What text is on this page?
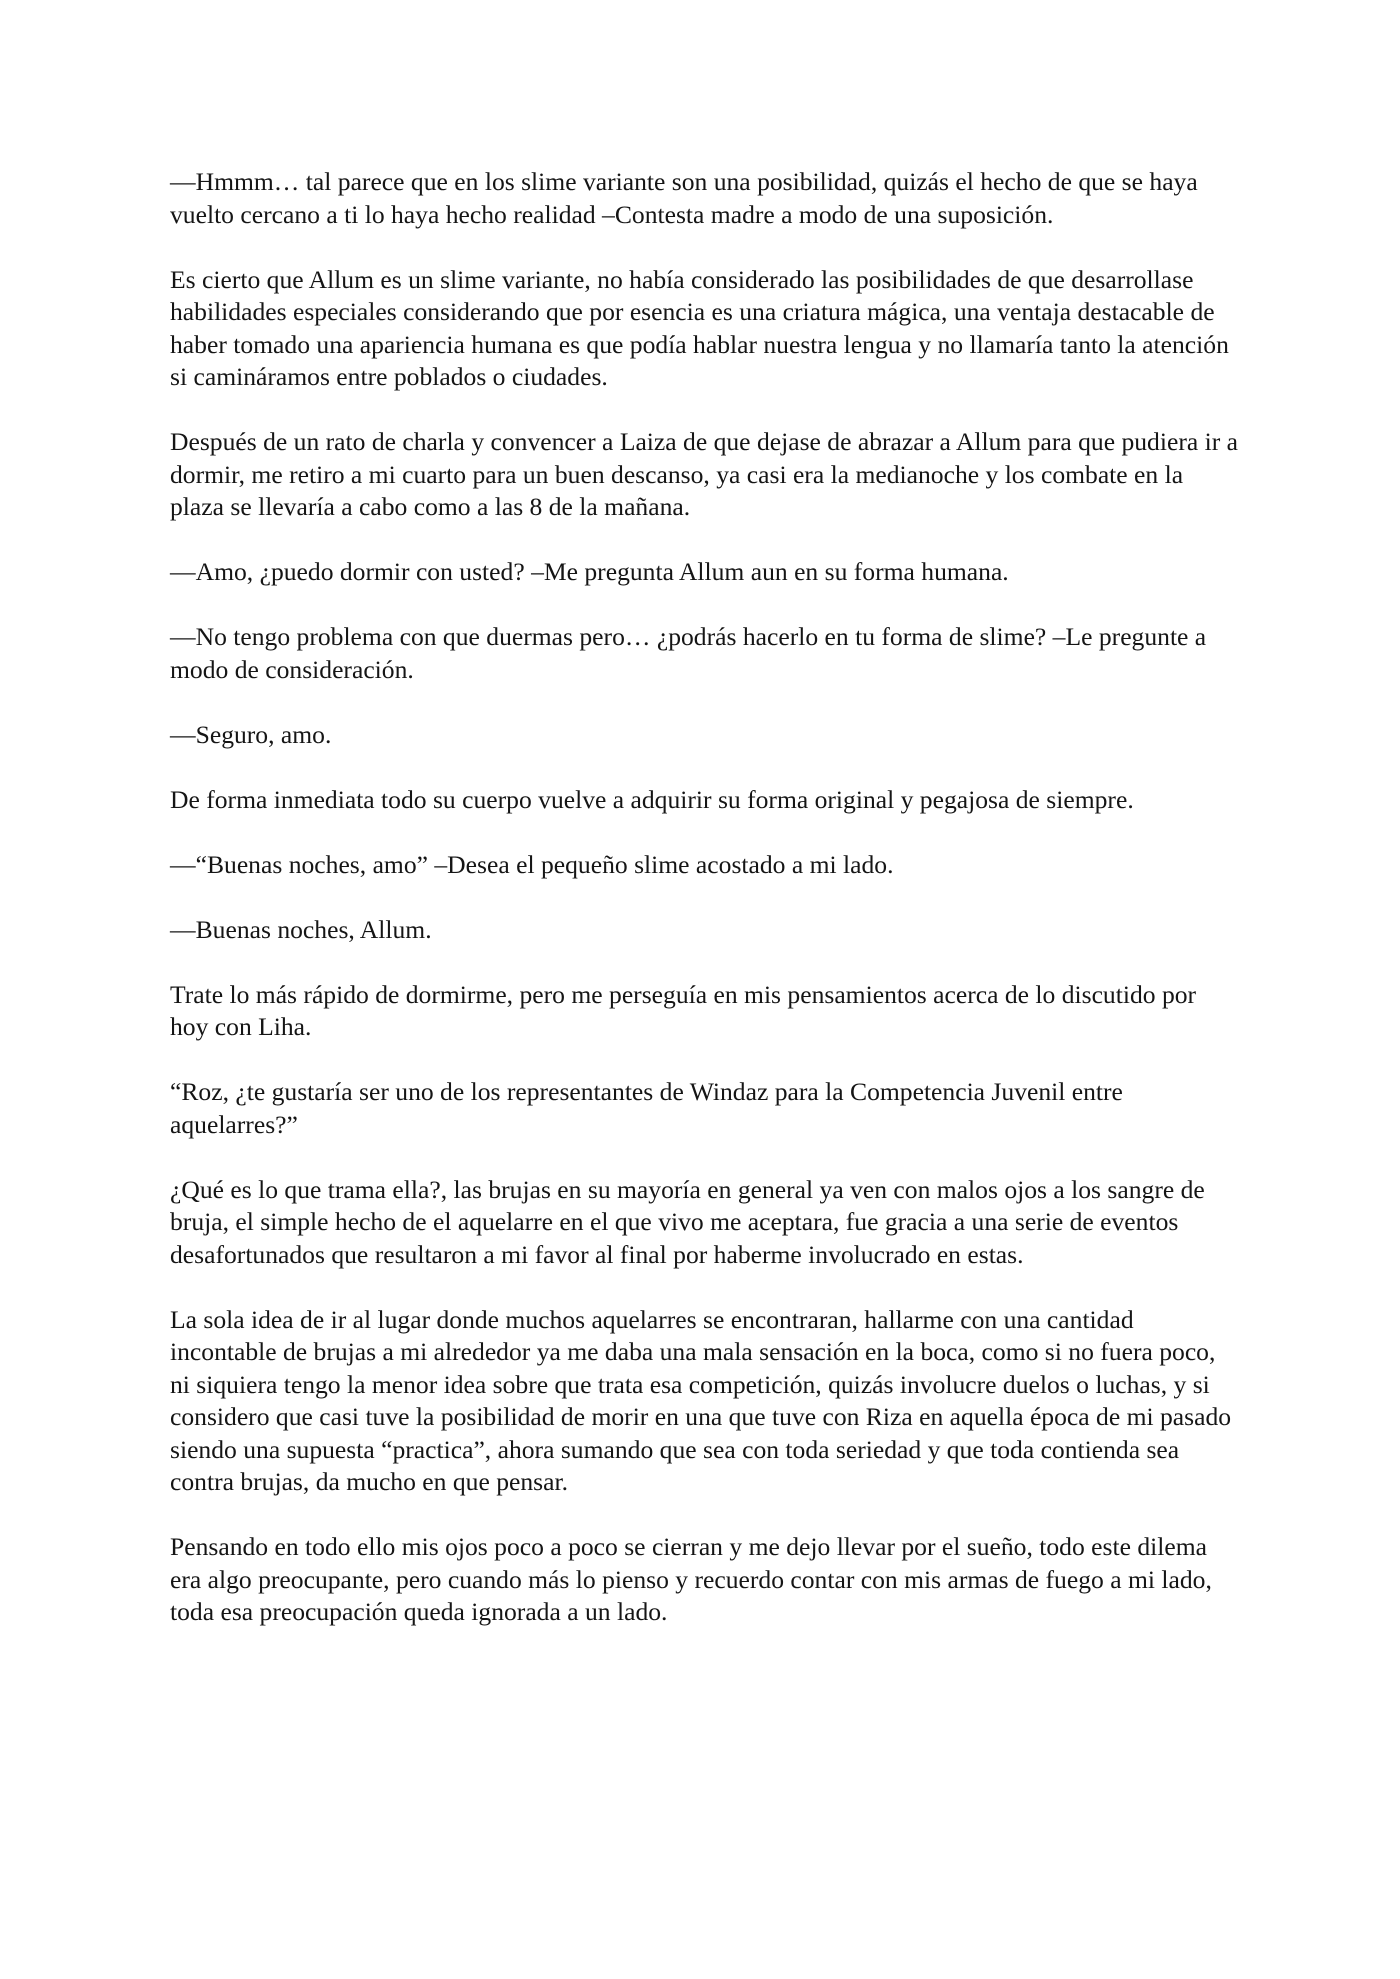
—Hmmm… tal parece que en los slime variante son una posibilidad, quizás el hecho de que se haya vuelto cercano a ti lo haya hecho realidad –Contesta madre a modo de una suposición.

Es cierto que Allum es un slime variante, no había considerado las posibilidades de que desarrollase habilidades especiales considerando que por esencia es una criatura mágica, una ventaja destacable de haber tomado una apariencia humana es que podía hablar nuestra lengua y no llamaría tanto la atención si camináramos entre poblados o ciudades.

Después de un rato de charla y convencer a Laiza de que dejase de abrazar a Allum para que pudiera ir a dormir, me retiro a mi cuarto para un buen descanso, ya casi era la medianoche y los combate en la plaza se llevaría a cabo como a las 8 de la mañana.

—Amo, ¿puedo dormir con usted? –Me pregunta Allum aun en su forma humana.

—No tengo problema con que duermas pero… ¿podrás hacerlo en tu forma de slime? –Le pregunte a modo de consideración.

—Seguro, amo.

De forma inmediata todo su cuerpo vuelve a adquirir su forma original y pegajosa de siempre.

—“Buenas noches, amo” –Desea el pequeño slime acostado a mi lado.

—Buenas noches, Allum.

Trate lo más rápido de dormirme, pero me perseguía en mis pensamientos acerca de lo discutido por hoy con Liha.

“Roz, ¿te gustaría ser uno de los representantes de Windaz para la Competencia Juvenil entre aquelarres?”

¿Qué es lo que trama ella?, las brujas en su mayoría en general ya ven con malos ojos a los sangre de bruja, el simple hecho de el aquelarre en el que vivo me aceptara, fue gracia a una serie de eventos desafortunados que resultaron a mi favor al final por haberme involucrado en estas.

La sola idea de ir al lugar donde muchos aquelarres se encontraran, hallarme con una cantidad incontable de brujas a mi alrededor ya me daba una mala sensación en la boca, como si no fuera poco, ni siquiera tengo la menor idea sobre que trata esa competición, quizás involucre duelos o luchas, y si considero que casi tuve la posibilidad de morir en una que tuve con Riza en aquella época de mi pasado siendo una supuesta “practica”, ahora sumando que sea con toda seriedad y que toda contienda sea contra brujas, da mucho en que pensar.

Pensando en todo ello mis ojos poco a poco se cierran y me dejo llevar por el sueño, todo este dilema era algo preocupante, pero cuando más lo pienso y recuerdo contar con mis armas de fuego a mi lado, toda esa preocupación queda ignorada a un lado.
